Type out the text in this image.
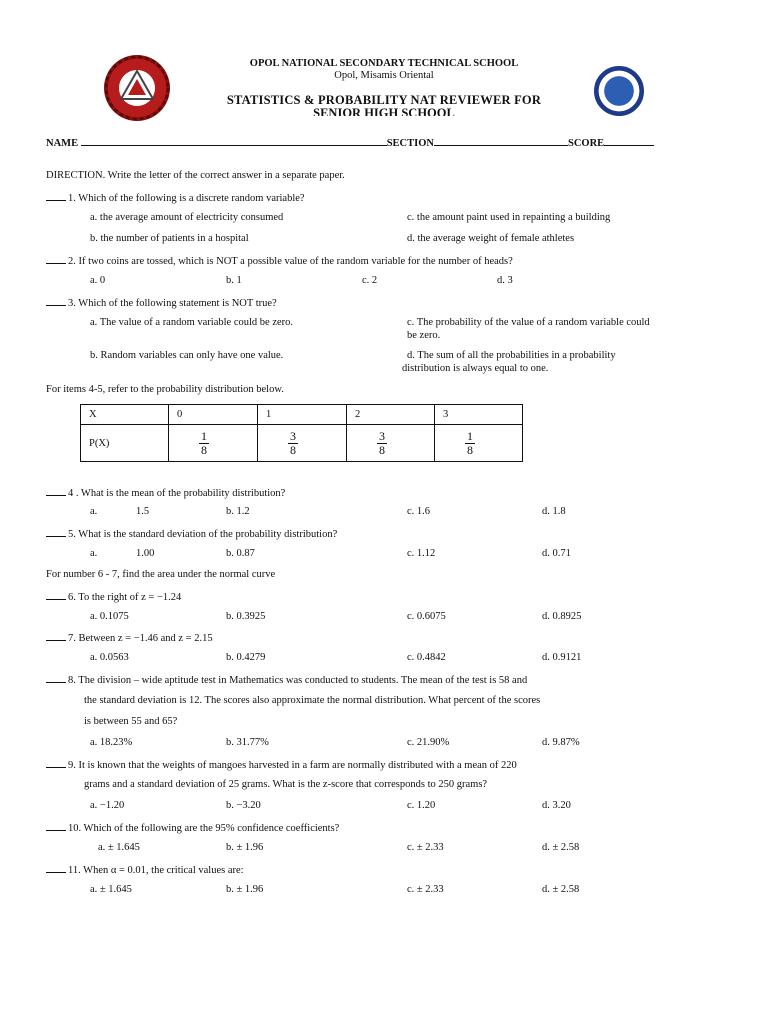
OPOL NATIONAL SECONDARY TECHNICAL SCHOOL
Opol, Misamis Oriental
STATISTICS & PROBABILITY NAT REVIEWER FOR
SENIOR HIGH SCHOOL
NAME	SECTION	SCORE
DIRECTION. Write the letter of the correct answer in a separate paper.
1. Which of the following is a discrete random variable?
a. the average amount of electricity consumed	c. the amount paint used in repainting a building
b. the number of patients in a hospital	d. the average weight of female athletes
2. If two coins are tossed, which is NOT a possible value of the random variable for the number of heads?
a. 0	b. 1	c. 2	d. 3
3. Which of the following statement is NOT true?
a. The value of a random variable could be zero.	c. The probability of the value of a random variable could
be zero.
b. Random variables can only have one value.	d. The sum of all the probabilities in a probability
distribution is always equal to one.
For items 4-5, refer to the probability distribution below.
X	0	1	2	3
P(X)	$\frac{1}{8}$	$\frac{3}{8}$	$\frac{3}{8}$	$\frac{1}{8}$
4 . What is the mean of the probability distribution?
a.	1.5	b. 1.2	c. 1.6	d. 1.8
5. What is the standard deviation of the probability distribution?
a.	1.00	b. 0.87	c. 1.12	d. 0.71
For number 6 - 7, find the area under the normal curve
6. To the right of z = −1.24
a. 0.1075	b. 0.3925	c. 0.6075	d. 0.8925
7. Between z = −1.46 and z = 2.15
a. 0.0563	b. 0.4279	c. 0.4842	d. 0.9121
8. The division – wide aptitude test in Mathematics was conducted to students. The mean of the test is 58 and
the standard deviation is 12. The scores also approximate the normal distribution. What percent of the scores
is between 55 and 65?
a. 18.23%	b. 31.77%	c. 21.90%	d. 9.87%
9. It is known that the weights of mangoes harvested in a farm are normally distributed with a mean of 220
grams and a standard deviation of 25 grams. What is the z-score that corresponds to 250 grams?
a. −1.20	b. −3.20	c. 1.20	d. 3.20
10. Which of the following are the 95% confidence coefficients?
a. ± 1.645	b. ± 1.96	c. ± 2.33	d. ± 2.58
11. When α = 0.01, the critical values are:
a. ± 1.645	b. ± 1.96	c. ± 2.33	d. ± 2.58
